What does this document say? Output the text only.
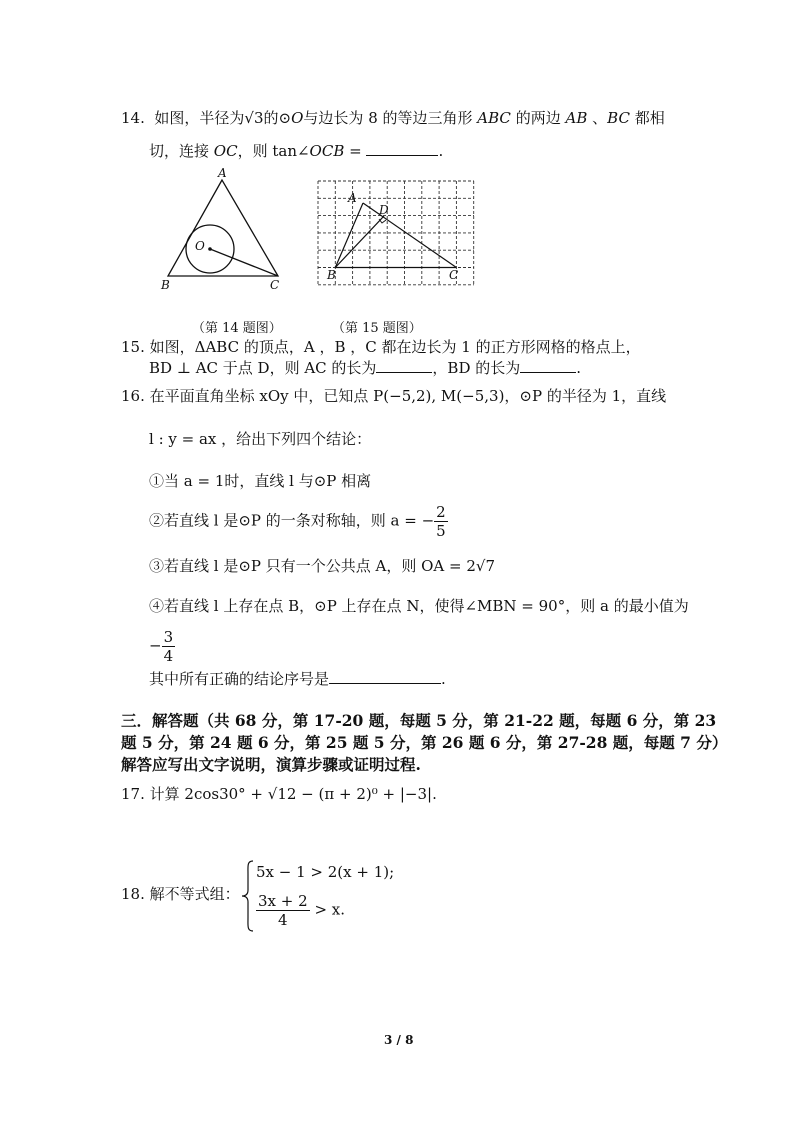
14. 如图，半径为√3的⊙O与边长为 8 的等边三角形 ABC 的两边 AB 、BC 都相
切，连接 OC，则 tan∠OCB =	.
A
B	C
O
A
D
B	C
（第 14 题图）	（第 15 题图）
15. 如图，ΔABC 的顶点，A ，B ，C 都在边长为 1 的正方形网格的格点上，
BD ⊥ AC 于点 D，则 AC 的长为	，BD 的长为	.
16. 在平面直角坐标 xOy 中，已知点 P(−5,2), M(−5,3)，⊙P 的半径为 1，直线
l : y = ax ，给出下列四个结论：
①当 a = 1时，直线 l 与⊙P 相离
②若直线 l 是⊙P 的一条对称轴，则 a = − $\frac{2}{5}$
③若直线 l 是⊙P 只有一个公共点 A，则 OA = 2√7
④若直线 l 上存在点 B，⊙P 上存在点 N，使得∠MBN = 90°，则 a 的最小值为
− $\frac{3}{4}$
其中所有正确的结论序号是	.
三．解答题（共 68 分，第 17-20 题，每题 5 分，第 21-22 题，每题 6 分，第 23
题 5 分，第 24 题 6 分，第 25 题 5 分，第 26 题 6 分，第 27-28 题，每题 7 分）
解答应写出文字说明，演算步骤或证明过程.
17. 计算 2cos30° + √12 − (π + 2)⁰ + |−3|.
18. 解不等式组：
5x − 1 > 2(x + 1);
$\frac{3x + 2}{4} > x$.
3 / 8
